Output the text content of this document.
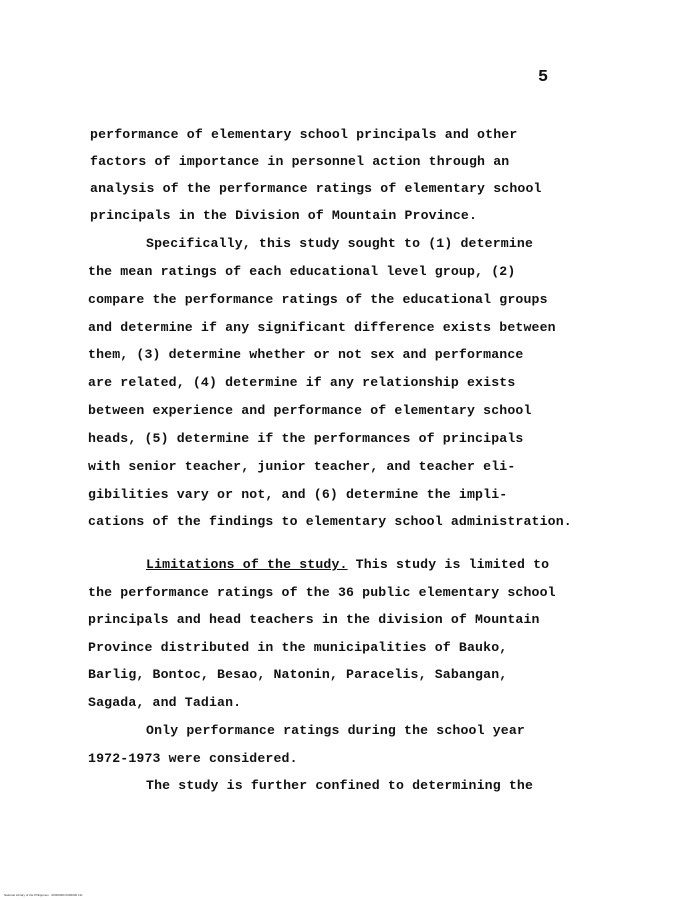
5
performance of elementary school principals and other
factors of importance in personnel action through an
analysis of the performance ratings of elementary school
principals in the Division of Mountain Province.
Specifically, this study sought to (1) determine
the mean ratings of each educational level group, (2)
compare the performance ratings of the educational groups
and determine if any significant difference exists between
them, (3) determine whether or not sex and performance
are related, (4) determine if any relationship exists
between experience and performance of elementary school
heads, (5) determine if the performances of principals
with senior teacher, junior teacher, and teacher eli-
gibilities vary or not, and (6) determine the impli-
cations of the findings to elementary school administration.
Limitations of the study. This study is limited to
the performance ratings of the 36 public elementary school
principals and head teachers in the division of Mountain
Province distributed in the municipalities of Bauko,
Barlig, Bontoc, Besao, Natonin, Paracelis, Sabangan,
Sagada, and Tadian.
Only performance ratings during the school year
1972-1973 were considered.
The study is further confined to determining the
National Library of the Philippines · 00000000 0000000 111
